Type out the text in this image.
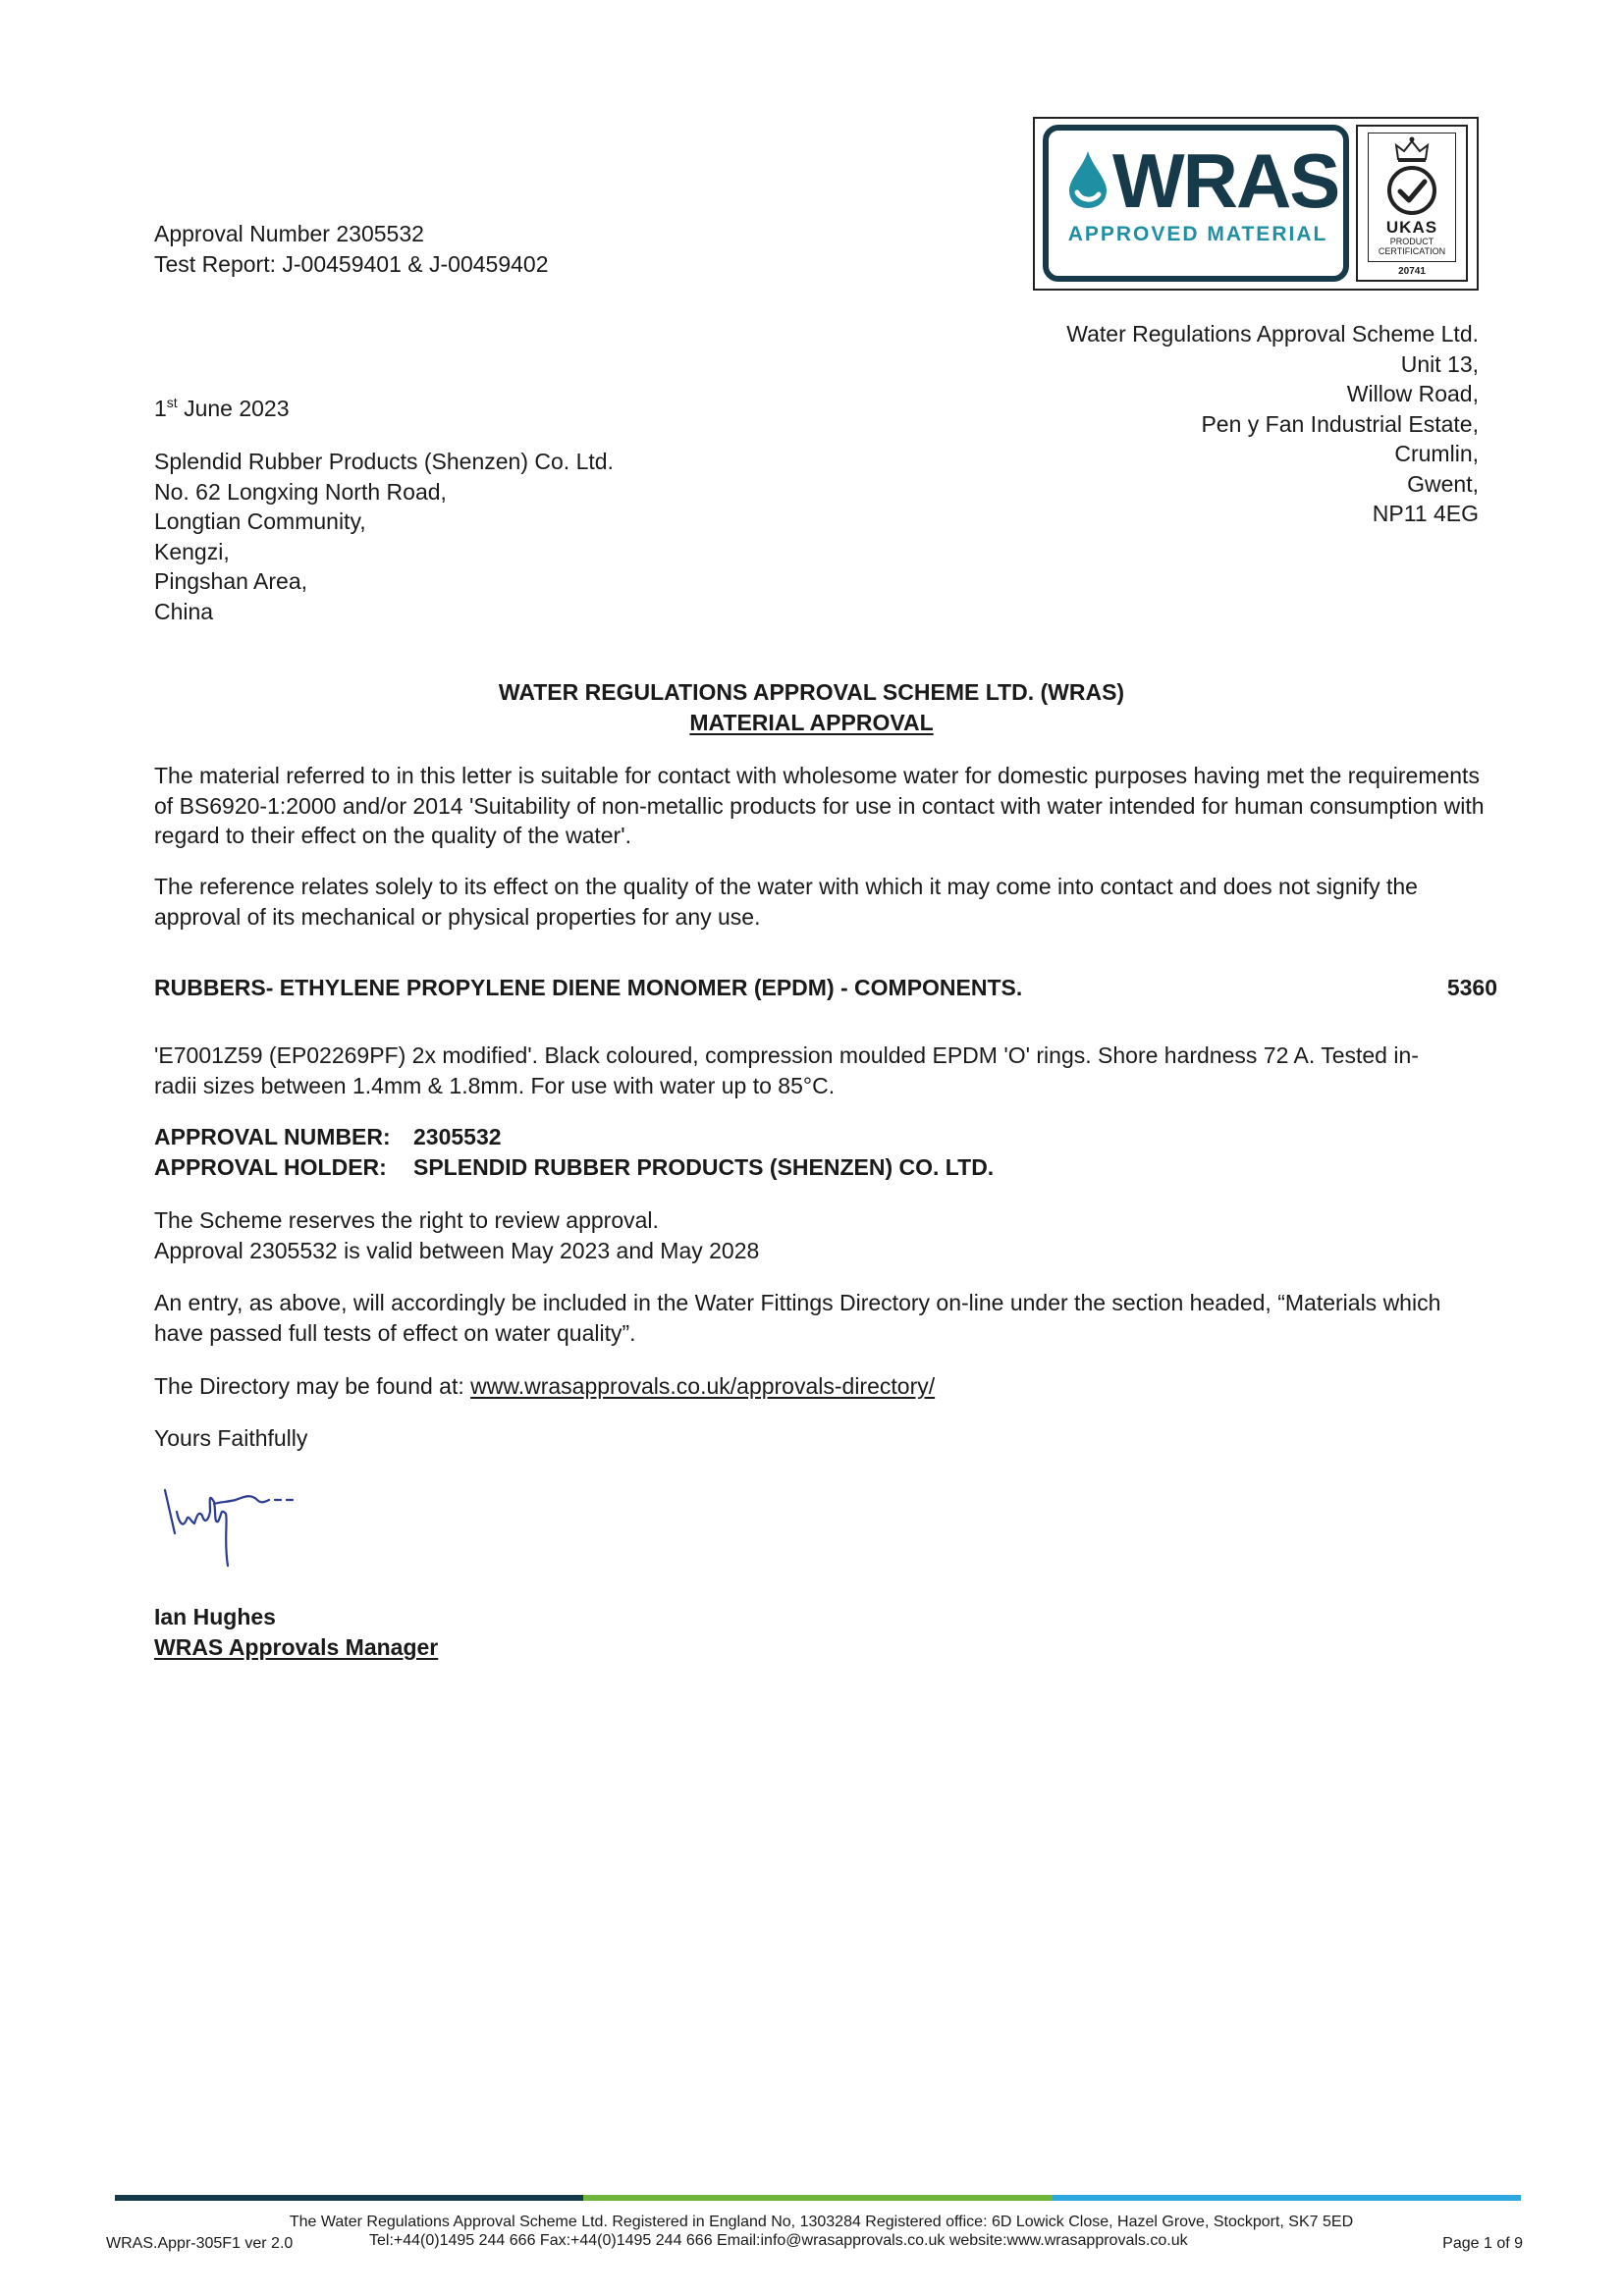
Approval Number 2305532
Test Report: J-00459401 & J-00459402
WRAS
APPROVED MATERIAL	UKAS
PRODUCT
CERTIFICATION
20741
Water Regulations Approval Scheme Ltd.
Unit 13,
Willow Road,
Pen y Fan Industrial Estate,
Crumlin,
Gwent,
NP11 4EG
1st June 2023
Splendid Rubber Products (Shenzen) Co. Ltd.
No. 62 Longxing North Road,
Longtian Community,
Kengzi,
Pingshan Area,
China
WATER REGULATIONS APPROVAL SCHEME LTD. (WRAS)
MATERIAL APPROVAL
The material referred to in this letter is suitable for contact with wholesome water for domestic purposes having met the requirements of BS6920-1:2000 and/or 2014 'Suitability of non-metallic products for use in contact with water intended for human consumption with regard to their effect on the quality of the water'.
The reference relates solely to its effect on the quality of the water with which it may come into contact and does not signify the approval of its mechanical or physical properties for any use.
RUBBERS- ETHYLENE PROPYLENE DIENE MONOMER (EPDM) - COMPONENTS.	5360
'E7001Z59 (EP02269PF) 2x modified'. Black coloured, compression moulded EPDM 'O' rings. Shore hardness 72 A. Tested in-radii sizes between 1.4mm & 1.8mm. For use with water up to 85°C.
APPROVAL NUMBER: 2305532
APPROVAL HOLDER: SPLENDID RUBBER PRODUCTS (SHENZEN) CO. LTD.
The Scheme reserves the right to review approval.
Approval 2305532 is valid between May 2023 and May 2028
An entry, as above, will accordingly be included in the Water Fittings Directory on-line under the section headed, “Materials which have passed full tests of effect on water quality”.
The Directory may be found at: www.wrasapprovals.co.uk/approvals-directory/
Yours Faithfully
Ian Hughes
WRAS Approvals Manager
The Water Regulations Approval Scheme Ltd. Registered in England No, 1303284 Registered office: 6D Lowick Close, Hazel Grove, Stockport, SK7 5ED
WRAS.Appr-305F1 ver 2.0	Tel:+44(0)1495 244 666 Fax:+44(0)1495 244 666 Email:info@wrasapprovals.co.uk website:www.wrasapprovals.co.uk	Page 1 of 9
